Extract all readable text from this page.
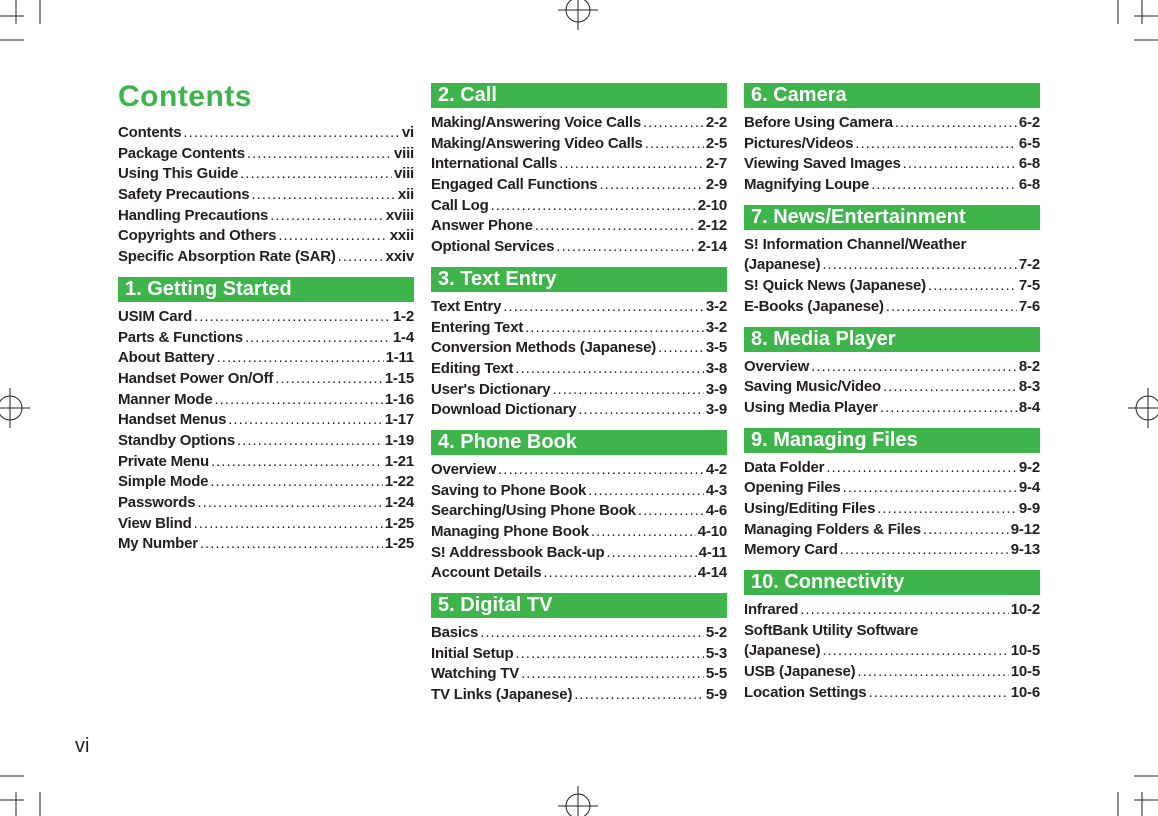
Contents
Contents .....	vi
Package Contents .....	viii
Using This Guide .....	viii
Safety Precautions .....	xii
Handling Precautions .....	xviii
Copyrights and Others .....	xxii
Specific Absorption Rate (SAR) .....	xxiv
1. Getting Started
USIM Card .....	1-2
Parts & Functions .....	1-4
About Battery .....	1-11
Handset Power On/Off .....	1-15
Manner Mode .....	1-16
Handset Menus .....	1-17
Standby Options .....	1-19
Private Menu .....	1-21
Simple Mode .....	1-22
Passwords .....	1-24
View Blind .....	1-25
My Number .....	1-25
2. Call
Making/Answering Voice Calls .....	2-2
Making/Answering Video Calls .....	2-5
International Calls .....	2-7
Engaged Call Functions .....	2-9
Call Log .....	2-10
Answer Phone .....	2-12
Optional Services .....	2-14
3. Text Entry
Text Entry .....	3-2
Entering Text .....	3-2
Conversion Methods (Japanese) .....	3-5
Editing Text .....	3-8
User's Dictionary .....	3-9
Download Dictionary .....	3-9
4. Phone Book
Overview .....	4-2
Saving to Phone Book .....	4-3
Searching/Using Phone Book .....	4-6
Managing Phone Book .....	4-10
S! Addressbook Back-up .....	4-11
Account Details .....	4-14
5. Digital TV
Basics .....	5-2
Initial Setup .....	5-3
Watching TV .....	5-5
TV Links (Japanese) .....	5-9
6. Camera
Before Using Camera .....	6-2
Pictures/Videos .....	6-5
Viewing Saved Images .....	6-8
Magnifying Loupe .....	6-8
7. News/Entertainment
S! Information Channel/Weather
(Japanese) .....	7-2
S! Quick News (Japanese) .....	7-5
E-Books (Japanese) .....	7-6
8. Media Player
Overview .....	8-2
Saving Music/Video .....	8-3
Using Media Player .....	8-4
9. Managing Files
Data Folder .....	9-2
Opening Files .....	9-4
Using/Editing Files .....	9-9
Managing Folders & Files .....	9-12
Memory Card .....	9-13
10. Connectivity
Infrared .....	10-2
SoftBank Utility Software
(Japanese) .....	10-5
USB (Japanese) .....	10-5
Location Settings .....	10-6
vi
